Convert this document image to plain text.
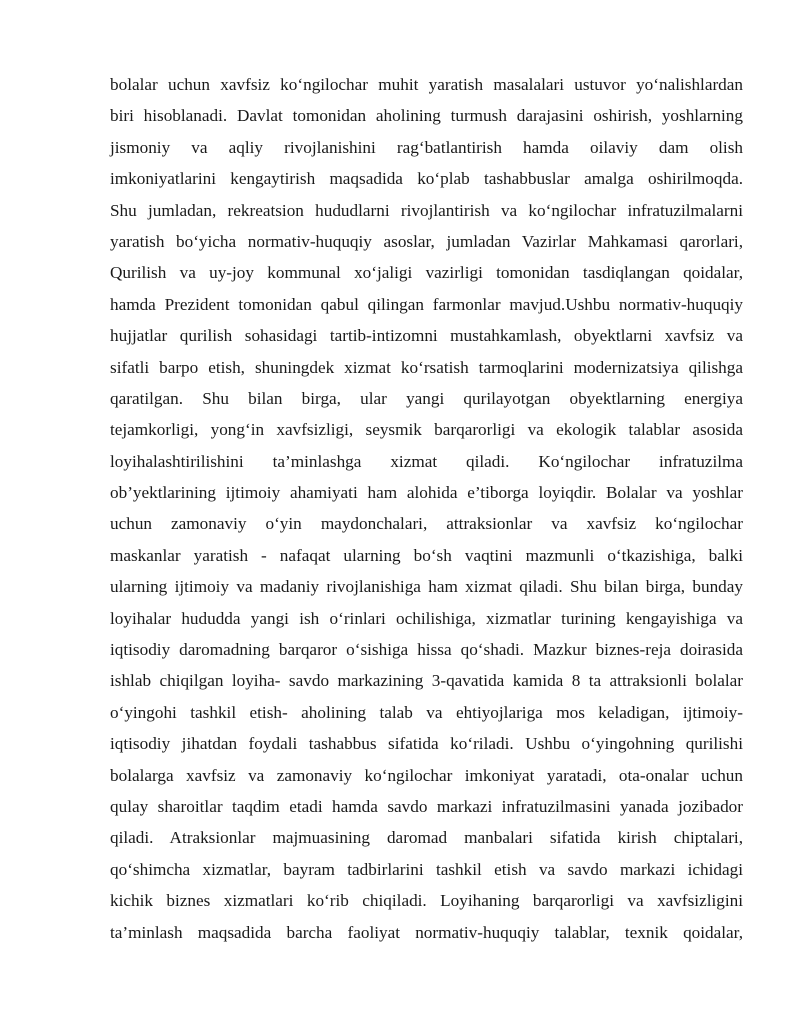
bolalar uchun xavfsiz ko‘ngilochar muhit yaratish masalalari ustuvor yo‘nalishlardan
biri hisoblanadi. Davlat tomonidan aholining turmush darajasini oshirish, yoshlarning
jismoniy va aqliy rivojlanishini rag‘batlantirish hamda oilaviy dam olish
imkoniyatlarini kengaytirish maqsadida ko‘plab tashabbuslar amalga oshirilmoqda.
Shu jumladan, rekreatsion hududlarni rivojlantirish va ko‘ngilochar infratuzilmalarni
yaratish bo‘yicha normativ-huquqiy asoslar, jumladan Vazirlar Mahkamasi qarorlari,
Qurilish va uy-joy kommunal xo‘jaligi vazirligi tomonidan tasdiqlangan qoidalar,
hamda Prezident tomonidan qabul qilingan farmonlar mavjud.Ushbu normativ-huquqiy
hujjatlar qurilish sohasidagi tartib-intizomni mustahkamlash, obyektlarni xavfsiz va
sifatli barpo etish, shuningdek xizmat ko‘rsatish tarmoqlarini modernizatsiya qilishga
qaratilgan. Shu bilan birga, ular yangi qurilayotgan obyektlarning energiya
tejamkorligi, yong‘in xavfsizligi, seysmik barqarorligi va ekologik talablar asosida
loyihalashtirilishini ta’minlashga xizmat qiladi. Ko‘ngilochar infratuzilma
ob’yektlarining ijtimoiy ahamiyati ham alohida e’tiborga loyiqdir. Bolalar va yoshlar
uchun zamonaviy o‘yin maydonchalari, attraksionlar va xavfsiz ko‘ngilochar
maskanlar yaratish - nafaqat ularning bo‘sh vaqtini mazmunli o‘tkazishiga, balki
ularning ijtimoiy va madaniy rivojlanishiga ham xizmat qiladi. Shu bilan birga, bunday
loyihalar hududda yangi ish o‘rinlari ochilishiga, xizmatlar turining kengayishiga va
iqtisodiy daromadning barqaror o‘sishiga hissa qo‘shadi. Mazkur biznes-reja doirasida
ishlab chiqilgan loyiha- savdo markazining 3-qavatida kamida 8 ta attraksionli bolalar
o‘yingohi tashkil etish- aholining talab va ehtiyojlariga mos keladigan, ijtimoiy-
iqtisodiy jihatdan foydali tashabbus sifatida ko‘riladi. Ushbu o‘yingohning qurilishi
bolalarga xavfsiz va zamonaviy ko‘ngilochar imkoniyat yaratadi, ota-onalar uchun
qulay sharoitlar taqdim etadi hamda savdo markazi infratuzilmasini yanada jozibador
qiladi. Atraksionlar majmuasining daromad manbalari sifatida kirish chiptalari,
qo‘shimcha xizmatlar, bayram tadbirlarini tashkil etish va savdo markazi ichidagi
kichik biznes xizmatlari ko‘rib chiqiladi. Loyihaning barqarorligi va xavfsizligini
ta’minlash maqsadida barcha faoliyat normativ-huquqiy talablar, texnik qoidalar,
